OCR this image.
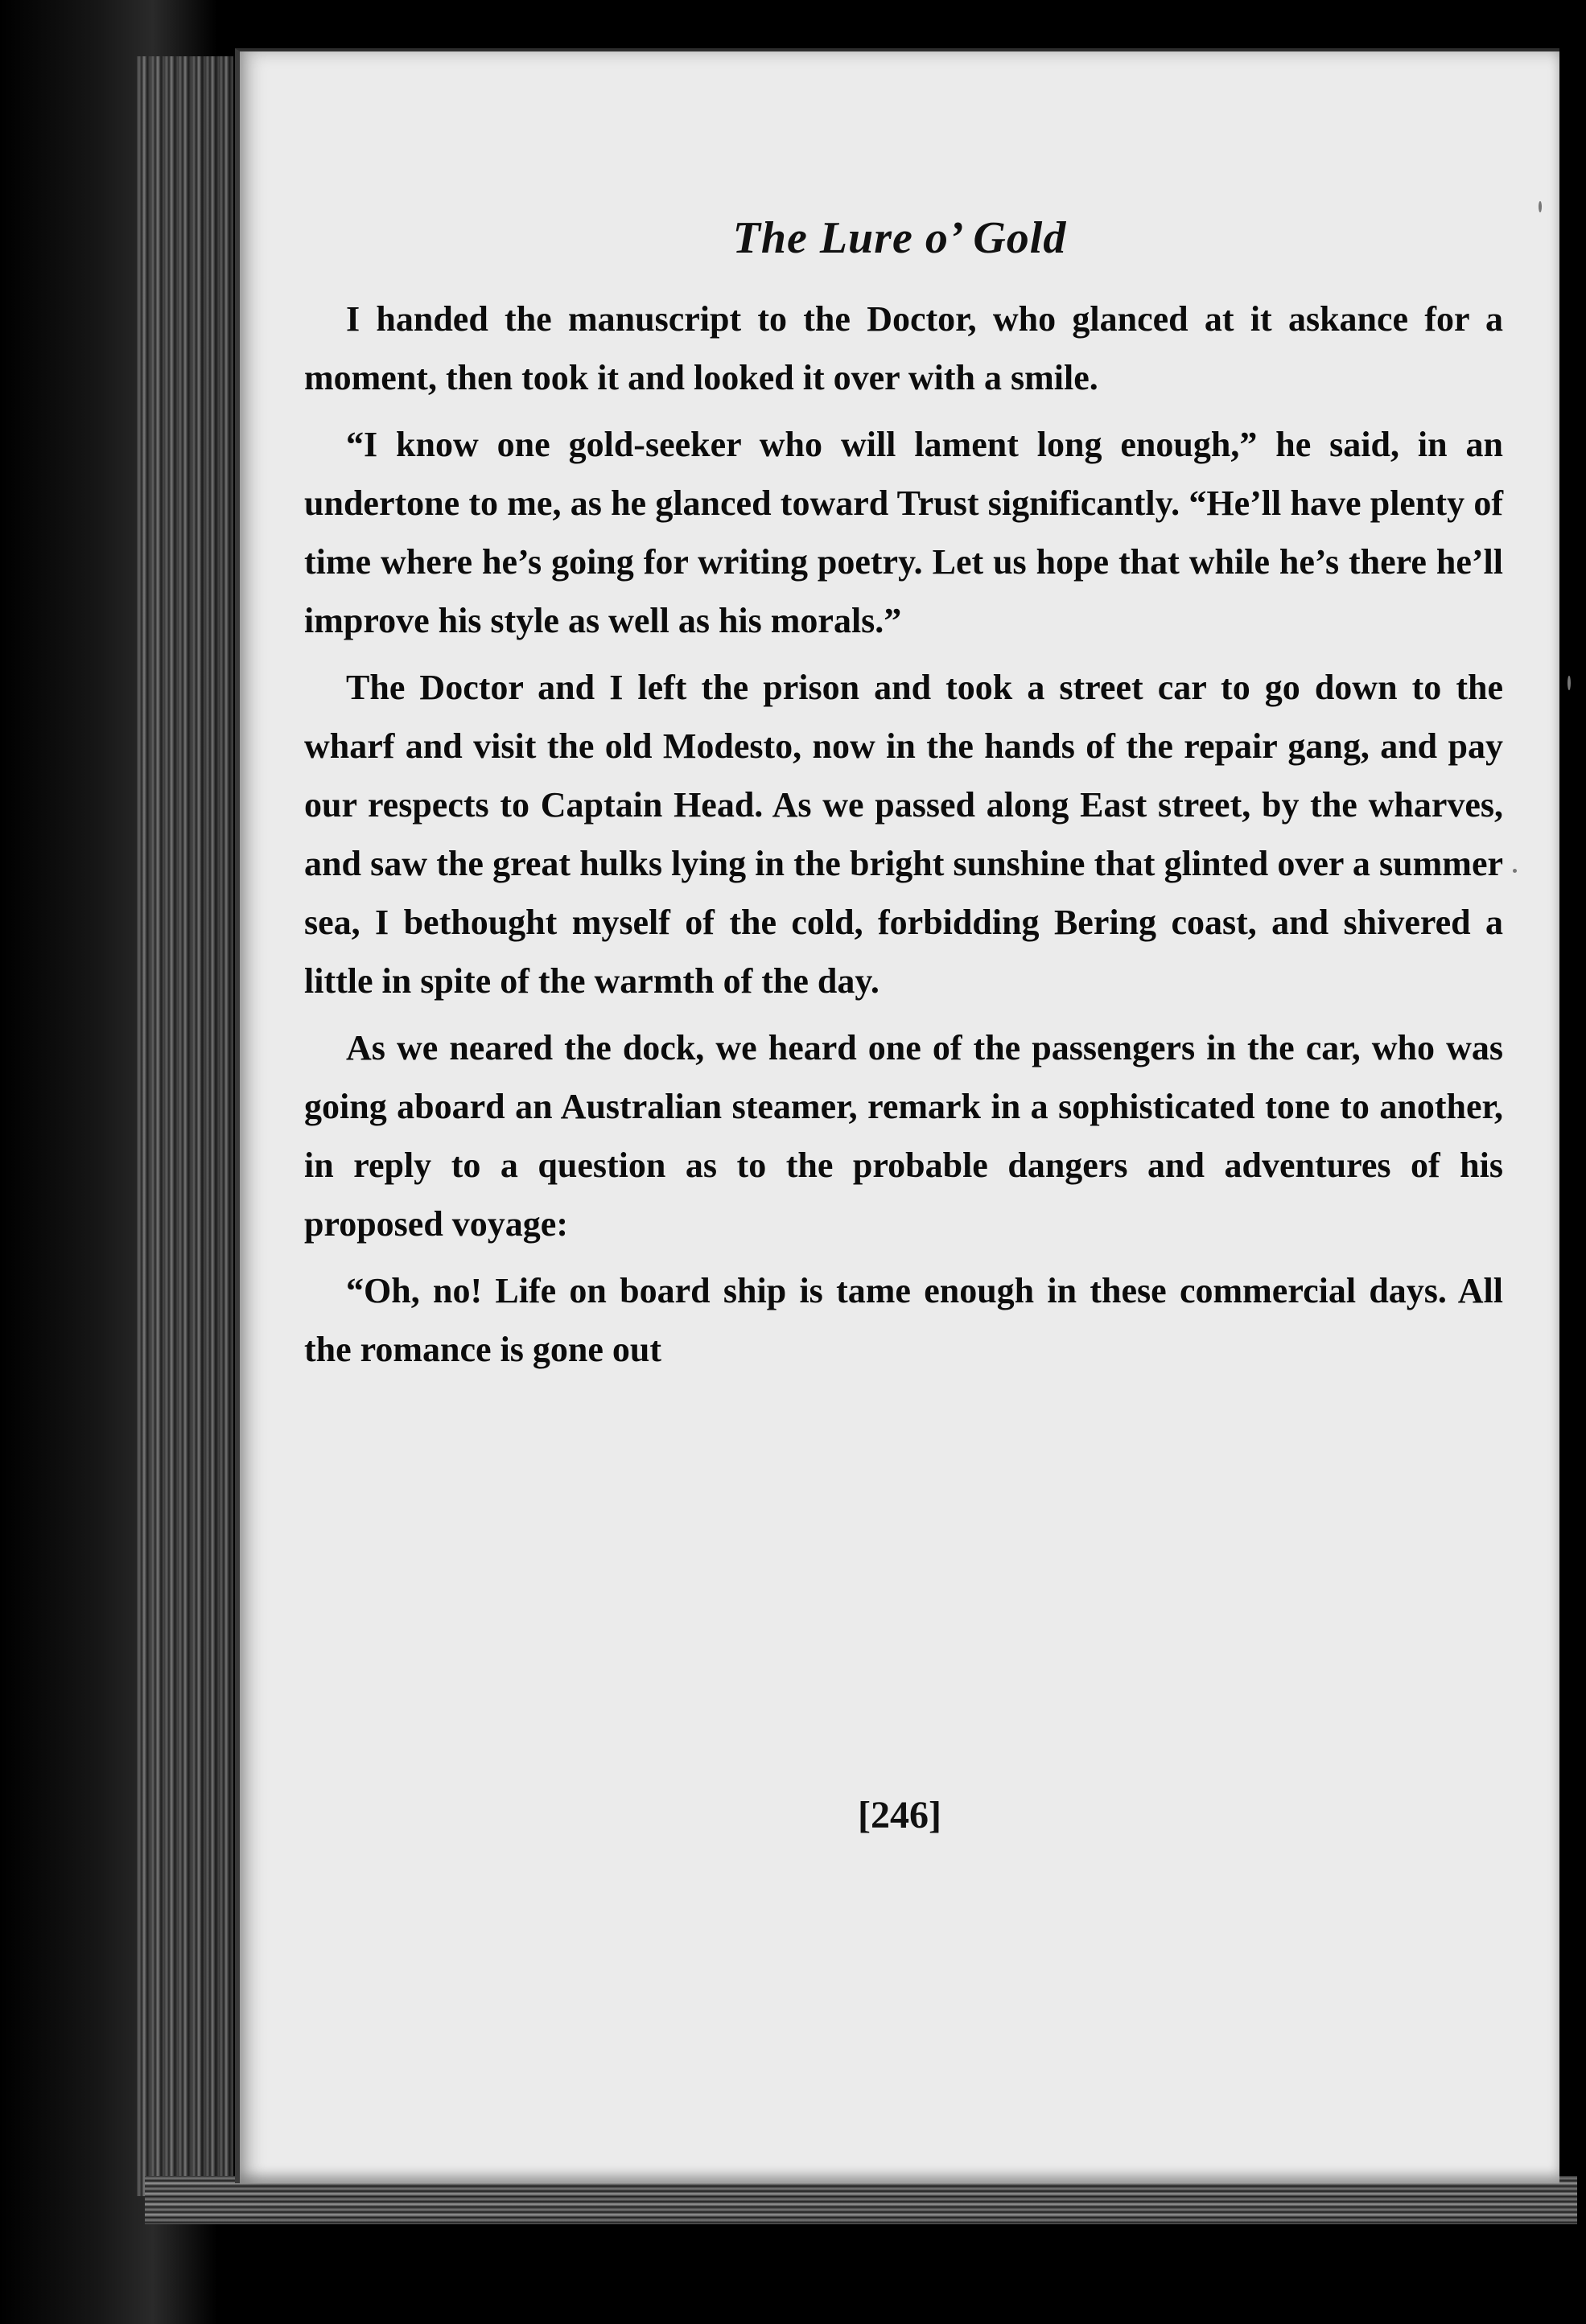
The Lure o’ Gold
[246]

I handed the manuscript to the Doctor, who glanced at it askance for a moment, then took it and looked it over with a smile.

“I know one gold-seeker who will lament long enough,” he said, in an undertone to me, as he glanced toward Trust significantly. “He’ll have plenty of time where he’s going for writing poetry. Let us hope that while he’s there he’ll improve his style as well as his morals.”

The Doctor and I left the prison and took a street car to go down to the wharf and visit the old Modesto, now in the hands of the repair gang, and pay our respects to Captain Head. As we passed along East street, by the wharves, and saw the great hulks lying in the bright sunshine that glinted over a summer sea, I bethought myself of the cold, forbidding Bering coast, and shivered a little in spite of the warmth of the day.

As we neared the dock, we heard one of the passengers in the car, who was going aboard an Australian steamer, remark in a sophisticated tone to another, in reply to a question as to the probable dangers and adventures of his proposed voyage:

“Oh, no! Life on board ship is tame enough in these commercial days. All the romance is gone out
